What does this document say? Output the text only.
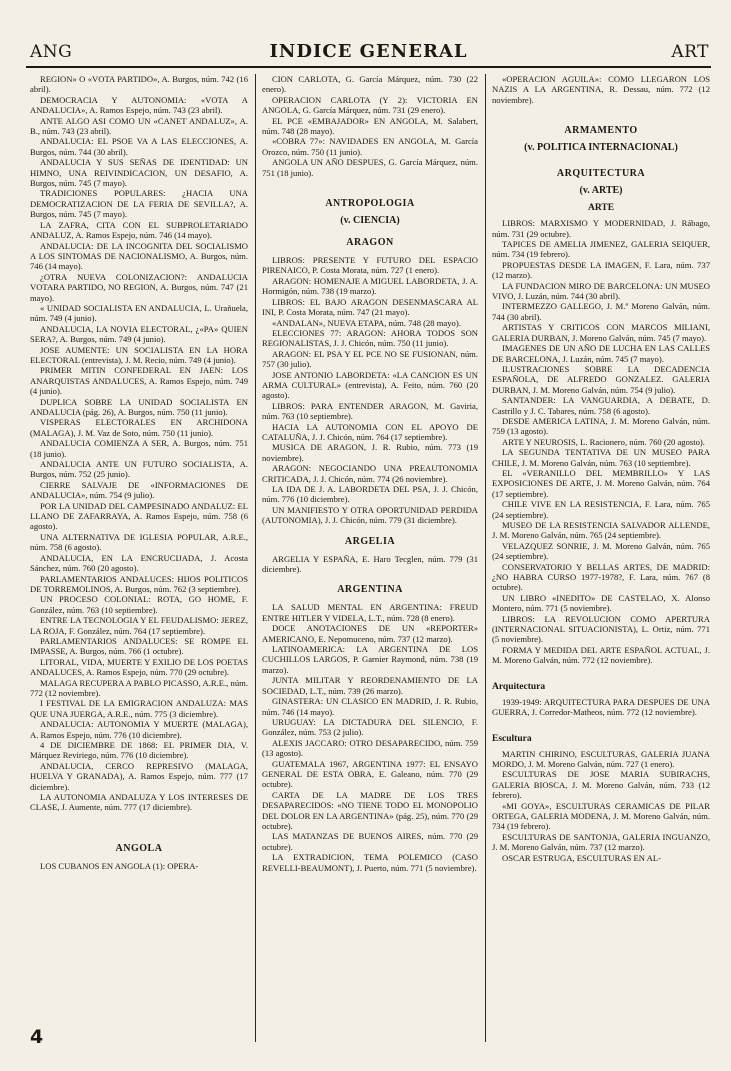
ANG	INDICE GENERAL	ART

REGION» O «VOTA PARTIDO», A. Burgos, núm. 742 (16 abril).

DEMOCRACIA Y AUTONOMIA: «VOTA A ANDALUCIA», A. Ramos Espejo, núm. 743 (23 abril).

ANTE ALGO ASI COMO UN «CANET ANDALUZ», A. B., núm. 743 (23 abril).

ANDALUCIA: EL PSOE VA A LAS ELECCIONES, A. Burgos, núm. 744 (30 abril).

ANDALUCIA Y SUS SEÑAS DE IDENTIDAD: UN HIMNO, UNA REIVINDICACION, UN DESAFIO, A. Burgos, núm. 745 (7 mayo).

TRADICIONES POPULARES: ¿HACIA UNA DEMOCRATIZACION DE LA FERIA DE SEVILLA?, A. Burgos, núm. 745 (7 mayo).

LA ZAFRA, CITA CON EL SUBPROLETARIADO ANDALUZ, A. Ramos Espejo, núm. 746 (14 mayo).

ANDALUCIA: DE LA INCOGNITA DEL SOCIALISMO A LOS SINTOMAS DE NACIONALISMO, A. Burgos, núm. 746 (14 mayo).

¿OTRA NUEVA COLONIZACION?: ANDALUCIA VOTARA PARTIDO, NO REGION, A. Burgos, núm. 747 (21 mayo).

« UNIDAD SOCIALISTA EN ANDALUCIA, L. Urañuela, núm. 749 (4 junio).

ANDALUCIA, LA NOVIA ELECTORAL, ¿«PA» QUIEN SERA?, A. Burgos, núm. 749 (4 junio).

JOSE AUMENTE: UN SOCIALISTA EN LA HORA ELECTORAL (entrevista), J. M. Recio, núm. 749 (4 junio).

PRIMER MITIN CONFEDERAL EN JAEN: LOS ANARQUISTAS ANDALUCES, A. Ramos Espejo, núm. 749 (4 junio).

DUPLICA SOBRE LA UNIDAD SOCIALISTA EN ANDALUCIA (pág. 26), A. Burgos, núm. 750 (11 junio).

VISPERAS ELECTORALES EN ARCHIDONA (MALAGA), J. M. Vaz de Soto, núm. 750 (11 junio).

ANDALUCIA COMIENZA A SER, A. Burgos, núm. 751 (18 junio).

ANDALUCIA ANTE UN FUTURO SOCIALISTA, A. Burgos, núm. 752 (25 junio).

CIERRE SALVAJE DE «INFORMACIONES DE ANDALUCIA», núm. 754 (9 julio).

POR LA UNIDAD DEL CAMPESINADO ANDALUZ: EL LLANO DE ZAFARRAYA, A. Ramos Espejo, núm. 758 (6 agosto).

UNA ALTERNATIVA DE IGLESIA POPULAR, A.R.E., núm. 758 (6 agosto).

ANDALUCIA, EN LA ENCRUCIJADA, J. Acosta Sánchez, núm. 760 (20 agosto).

PARLAMENTARIOS ANDALUCES: HIJOS POLITICOS DE TORREMOLINOS, A. Burgos, núm. 762 (3 septiembre).

UN PROCESO COLONIAL: ROTA, GO HOME, F. González, núm. 763 (10 septiembre).

ENTRE LA TECNOLOGIA Y EL FEUDALISMO: JEREZ, LA ROJA, F. González, núm. 764 (17 septiembre).

PARLAMENTARIOS ANDALUCES: SE ROMPE EL IMPASSE, A. Burgos, núm. 766 (1 octubre).

LITORAL, VIDA, MUERTE Y EXILIO DE LOS POETAS ANDALUCES, A. Ramos Espejo, núm. 770 (29 octubre).

MALAGA RECUPERA A PABLO PICASSO, A.R.E., núm. 772 (12 noviembre).

I FESTIVAL DE LA EMIGRACION ANDALUZA: MAS QUE UNA JUERGA, A.R.E., núm. 775 (3 diciembre).

ANDALUCIA: AUTONOMIA Y MUERTE (MALAGA), A. Ramos Espejo, núm. 776 (10 diciembre).

4 DE DICIEMBRE DE 1868: EL PRIMER DIA, V. Márquez Reviriego, núm. 776 (10 diciembre).

ANDALUCIA, CERCO REPRESIVO (MALAGA, HUELVA Y GRANADA), A. Ramos Espejo, núm. 777 (17 diciembre).

LA AUTONOMIA ANDALUZA Y LOS INTERESES DE CLASE, J. Aumente, núm. 777 (17 diciembre).

ANGOLA

LOS CUBANOS EN ANGOLA (1): OPERA-

CION CARLOTA, G. García Márquez, núm. 730 (22 enero).

OPERACION CARLOTA (Y 2): VICTORIA EN ANGOLA, G. García Márquez, núm. 731 (29 enero).

EL PCE «EMBAJADOR» EN ANGOLA, M. Salabert, núm. 748 (28 mayo).

«COBRA 77»: NAVIDADES EN ANGOLA, M. García Orozco, núm. 750 (11 junio).

ANGOLA UN AÑO DESPUES, G. García Márquez, núm. 751 (18 junio).

ANTROPOLOGIA
(v. CIENCIA)
ARAGON

LIBROS: PRESENTE Y FUTURO DEL ESPACIO PIRENAICO, P. Costa Morata, núm. 727 (1 enero).

ARAGON: HOMENAJE A MIGUEL LABORDETA, J. A. Hormigón, núm. 738 (19 marzo).

LIBROS: EL BAJO ARAGON DESENMASCARA AL INI, P. Costa Morata, núm. 747 (21 mayo).

«ANDALAN», NUEVA ETAPA, núm. 748 (28 mayo).

ELECCIONES 77: ARAGON: AHORA TODOS SON REGIONALISTAS, J. J. Chicón, núm. 750 (11 junio).

ARAGON: EL PSA Y EL PCE NO SE FUSIONAN, núm. 757 (30 julio).

JOSE ANTONIO LABORDETA: «LA CANCION ES UN ARMA CULTURAL» (entrevista), A. Feito, núm. 760 (20 agosto).

LIBROS: PARA ENTENDER ARAGON, M. Gaviria, núm. 763 (10 septiembre).

HACIA LA AUTONOMIA CON EL APOYO DE CATALUÑA, J. J. Chicón, núm. 764 (17 septiembre).

MUSICA DE ARAGON, J. R. Rubio, núm. 773 (19 noviembre).

ARAGON: NEGOCIANDO UNA PREAUTONOMIA CRITICADA, J. J. Chicón, núm. 774 (26 noviembre).

LA IDA DE J. A. LABORDETA DEL PSA, J. J. Chicón, núm. 776 (10 diciembre).

UN MANIFIESTO Y OTRA OPORTUNIDAD PERDIDA (AUTONOMIA), J. J. Chicón, núm. 779 (31 diciembre).

ARGELIA

ARGELIA Y ESPAÑA, E. Haro Tecglen, núm. 779 (31 diciembre).

ARGENTINA

LA SALUD MENTAL EN ARGENTINA: FREUD ENTRE HITLER Y VIDELA, L.T., núm. 728 (8 enero).

DOCE ANOTACIONES DE UN «REPORTER» AMERICANO, E. Nepomuceno, núm. 737 (12 marzo).

LATINOAMERICA: LA ARGENTINA DE LOS CUCHILLOS LARGOS, P. Garnier Raymond, núm. 738 (19 marzo).

JUNTA MILITAR Y REORDENAMIENTO DE LA SOCIEDAD, L.T., núm. 739 (26 marzo).

GINASTERA: UN CLASICO EN MADRID, J. R. Rubio, núm. 746 (14 mayo).

URUGUAY: LA DICTADURA DEL SILENCIO, F. González, núm. 753 (2 julio).

ALEXIS JACCARO: OTRO DESAPARECIDO, núm. 759 (13 agosto).

GUATEMALA 1967, ARGENTINA 1977: EL ENSAYO GENERAL DE ESTA OBRA, E. Galeano, núm. 770 (29 octubre).

CARTA DE LA MADRE DE LOS TRES DESAPARECIDOS: «NO TIENE TODO EL MONOPOLIO DEL DOLOR EN LA ARGENTINA» (pág. 25), núm. 770 (29 octubre).

LAS MATANZAS DE BUENOS AIRES, núm. 770 (29 octubre).

LA EXTRADICION, TEMA POLEMICO (CASO REVELLI-BEAUMONT), J. Puerto, núm. 771 (5 noviembre).

«OPERACION AGUILA»: COMO LLEGARON LOS NAZIS A LA ARGENTINA, R. Dessau, núm. 772 (12 noviembre).

ARMAMENTO
(v. POLITICA INTERNACIONAL)
ARQUITECTURA
(v. ARTE)
ARTE

LIBROS: MARXISMO Y MODERNIDAD, J. Rábago, núm. 731 (29 octubre).

TAPICES DE AMELIA JIMENEZ, GALERIA SEIQUER, núm. 734 (19 febrero).

PROPUESTAS DESDE LA IMAGEN, F. Lara, núm. 737 (12 marzo).

LA FUNDACION MIRO DE BARCELONA: UN MUSEO VIVO, J. Luzán, núm. 744 (30 abril).

INTERMEZZO GALLEGO, J. M.ª Moreno Galván, núm. 744 (30 abril).

ARTISTAS Y CRITICOS CON MARCOS MILIANI, GALERIA DURBAN, J. Moreno Galván, núm. 745 (7 mayo).

IMAGENES DE UN AÑO DE LUCHA EN LAS CALLES DE BARCELONA, J. Luzán, núm. 745 (7 mayo).

ILUSTRACIONES SOBRE LA DECADENCIA ESPAÑOLA, DE ALFREDO GONZALEZ. GALERIA DURBAN, J. M. Moreno Galván, núm. 754 (9 julio).

SANTANDER: LA VANGUARDIA, A DEBATE, D. Castrillo y J. C. Tabares, núm. 758 (6 agosto).

DESDE AMERICA LATINA, J. M. Moreno Galván, núm. 759 (13 agosto).

ARTE Y NEUROSIS, L. Racionero, núm. 760 (20 agosto).

LA SEGUNDA TENTATIVA DE UN MUSEO PARA CHILE, J. M. Moreno Galván, núm. 763 (10 septiembre).

EL «VERANILLO DEL MEMBRILLO» Y LAS EXPOSICIONES DE ARTE, J. M. Moreno Galván, núm. 764 (17 septiembre).

CHILE VIVE EN LA RESISTENCIA, F. Lara, núm. 765 (24 septiembre).

MUSEO DE LA RESISTENCIA SALVADOR ALLENDE, J. M. Moreno Galván, núm. 765 (24 septiembre).

VELAZQUEZ SONRIE, J. M. Moreno Galván, núm. 765 (24 septiembre).

CONSERVATORIO Y BELLAS ARTES, DE MADRID: ¿NO HABRA CURSO 1977-1978?, F. Lara, núm. 767 (8 octubre).

UN LIBRO «INEDITO» DE CASTELAO, X. Alonso Montero, núm. 771 (5 noviembre).

LIBROS: LA REVOLUCION COMO APERTURA (INTERNACIONAL SITUACIONISTA), L. Ortiz, núm. 771 (5 noviembre).

FORMA Y MEDIDA DEL ARTE ESPAÑOL ACTUAL, J. M. Moreno Galván, núm. 772 (12 noviembre).

Arquitectura

1939-1949: ARQUITECTURA PARA DESPUES DE UNA GUERRA, J. Corredor-Matheos, núm. 772 (12 noviembre).

Escultura

MARTIN CHIRINO, ESCULTURAS, GALERIA JUANA MORDO, J. M. Moreno Galván, núm. 727 (1 enero).

ESCULTURAS DE JOSE MARIA SUBIRACHS, GALERIA BIOSCA, J. M. Moreno Galván, núm. 733 (12 febrero).

«MI GOYA», ESCULTURAS CERAMICAS DE PILAR ORTEGA, GALERIA MODENA, J. M. Moreno Galván, núm. 734 (19 febrero).

ESCULTURAS DE SANTONJA, GALERIA INGUANZO, J. M. Moreno Galván, núm. 737 (12 marzo).

OSCAR ESTRUGA, ESCULTURAS EN AL-

4
